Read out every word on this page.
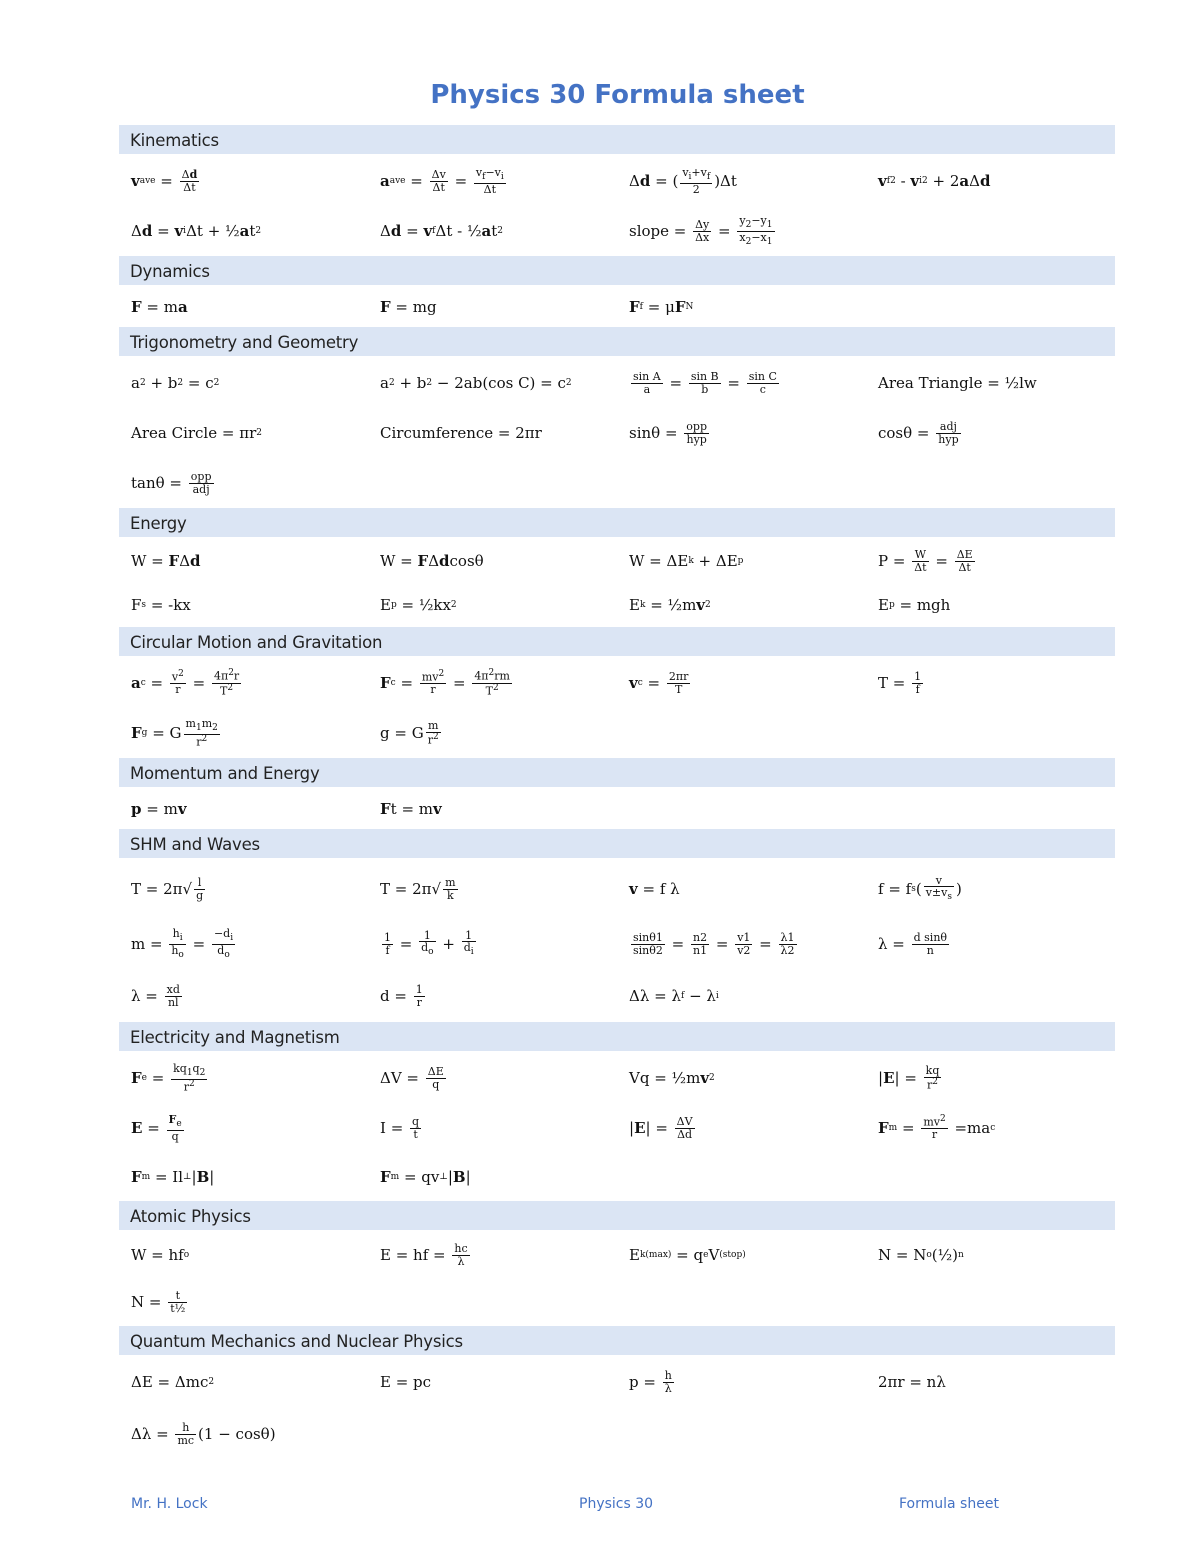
Physics 30 Formula sheet
Kinematics
v ave = $\frac{\Delta d}{\Delta t}$	a ave = $\frac{\Delta v}{\Delta t} = \frac{v_f-v_i}{\Delta t}$	Δ d = ( $\frac{v_i+v_f}{2} )\Delta t$	v f 2 - v i 2 + 2 a Δ d
Δ d = v i Δt + ½ a t 2	Δ d = v f Δt - ½ a t 2	slope = $\frac{\Delta y}{\Delta x} = \frac{y_2-y_1}{x_2-x_1}$
Dynamics
F = m a	F = mg	F f = μ F N
Trigonometry and Geometry
a 2 + b 2 = c 2	a 2 + b 2 − 2ab(cos C) = c 2	$\frac{\text{sin A}}{a} = \frac{\text{sin B}}{b} = \frac{\text{sin C}}{c}$	Area Triangle = ½lw
Area Circle = πr 2	Circumference = 2πr	$\sin\theta = \frac{\text{opp}}{\text{hyp}}$	$\cos\theta = \frac{\text{adj}}{\text{hyp}}$
$\tan\theta = \frac{\text{opp}}{\text{adj}}$
Energy
W = F Δ d	W = F Δ d cosθ	W = ΔE k + ΔE p	$P = \frac{W}{\Delta t} = \frac{\Delta E}{\Delta t}$
F s = -kx	E p = ½kx 2	E k = ½m v 2	E p = mgh
Circular Motion and Gravitation
a $c = \frac{v^2}{r} = \frac{4\pi^2r}{T^2}$	F $c = \frac{mv^2}{r} = \frac{4\pi^2rm}{T^2}$	v $c = \frac{2\pi r}{T}$	$T = \frac{1}{f}$
F g = G $\frac{m_1m_2}{r^2}$	g = G $\frac{m}{r^2}$
Momentum and Energy
p = m v	F t = m v
SHM and Waves
$T = 2\pi√ \frac{l}{g}$	$T = 2\pi√ \frac{m}{k}$	v = f λ	f = f s ( $\frac{v}{v\pm v_s}$ )
$m = \frac{h_i}{h_o} = \frac{-d_i}{d_o}$	$\frac{1}{f} = \frac{1}{d_o} + \frac{1}{d_i}$	$\frac{\sin\theta 1}{\sin\theta 2} = \frac{n2}{n1} = \frac{v1}{v2} = \frac{\lambda 1}{\lambda 2}$	$\lambda = \frac{\text{d sinθ}}{n}$
$\lambda = \frac{xd}{nl}$	$d = \frac{1}{r}$	Δλ = λ f − λ i
Electricity and Magnetism
F $e = \frac{kq_1q_2}{r^2}$	$\Delta V = \frac{\Delta E}{q}$	Vq = ½m v 2	| E | = $\frac{kq}{r^2}$
$E = \frac{F_e}{q}$	$I = \frac{q}{t}$	| E | = $\frac{\Delta V}{\Delta d}$	F $m = \frac{mv^2}{r} =ma$ c
F m = Il ⊥ | B |	F m = qv ⊥ | B |
Atomic Physics
W = hf o	E = hf = $\frac{hc}{\lambda}$	E k(max) = q e V (stop)	N = N o (½) n
$N = \frac{t}{\text{t½}}$
Quantum Mechanics and Nuclear Physics
ΔE = Δmc 2	E = pc	$p = \frac{h}{\lambda}$	2πr = nλ
$\Delta\lambda = \frac{h}{mc} (1 - \cos\theta)$
Mr. H. Lock	Physics 30	Formula sheet
